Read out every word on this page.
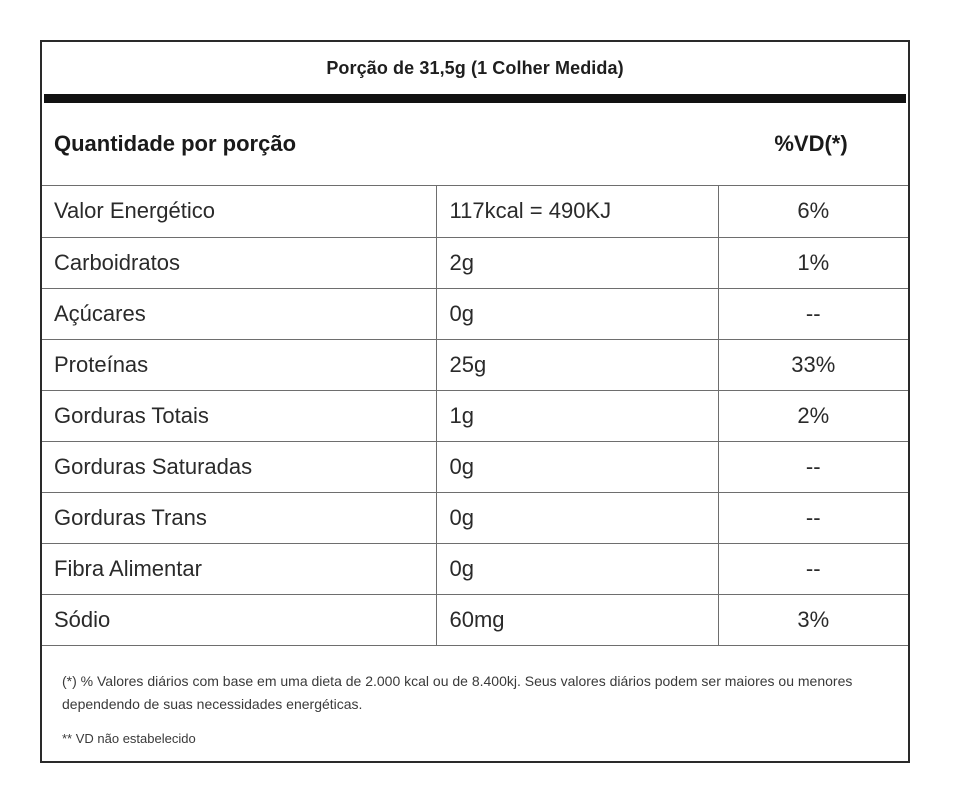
Porção de 31,5g (1 Colher Medida)
Quantidade por porção	%VD(*)
Valor Energético	117kcal = 490KJ	6%
Carboidratos	2g	1%
Açúcares	0g	--
Proteínas	25g	33%
Gorduras Totais	1g	2%
Gorduras Saturadas	0g	--
Gorduras Trans	0g	--
Fibra Alimentar	0g	--
Sódio	60mg	3%

(*) % Valores diários com base em uma dieta de 2.000 kcal ou de 8.400kj. Seus valores diários podem ser maiores ou menores dependendo de suas necessidades energéticas.

** VD não estabelecido
